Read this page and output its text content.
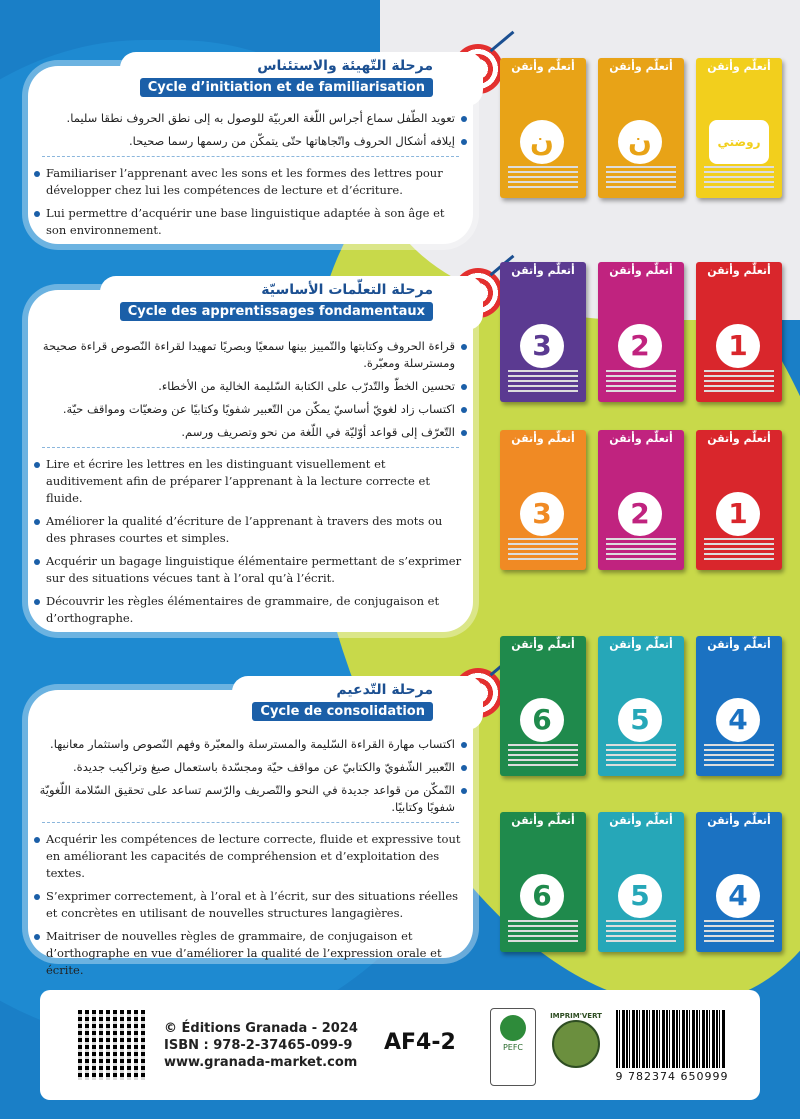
مرحلة التّهيئة والاستئناس
Cycle d’initiation et de familiarisation
تعويد الطّفل سماع أجراس اللّغة العربيّة للوصول به إلى نطق الحروف نطقا سليما.
إيلافه أشكال الحروف واتّجاهاتها حتّى يتمكّن من رسمها رسما صحيحا.
Familiariser l’apprenant avec les sons et les formes des lettres pour développer chez lui les compétences de lecture et d’écriture.
Lui permettre d’acquérir une base linguistique adaptée à son âge et son environnement.
مرحلة التعلّمات الأساسيّة
Cycle des apprentissages fondamentaux
قراءة الحروف وكتابتها والتّمييز بينها سمعيًا وبصريًا تمهيدا لقراءة النّصوص قراءة صحيحة ومسترسلة ومعبّرة.
تحسين الخطّ والتّدرّب على الكتابة السّليمة الخالية من الأخطاء.
اكتساب زاد لغويّ أساسيّ يمكّن من التّعبير شفويًا وكتابيًا عن وضعيّات ومواقف حيّة.
التّعرّف إلى قواعد أوّليّة في اللّغة من نحو وتصريف ورسم.
Lire et écrire les lettres en les distinguant visuellement et auditivement afin de préparer l’apprenant à la lecture correcte et fluide.
Améliorer la qualité d’écriture de l’apprenant à travers des mots ou des phrases courtes et simples.
Acquérir un bagage linguistique élémentaire permettant de s’exprimer sur des situations vécues tant à l’oral qu’à l’écrit.
Découvrir les règles élémentaires de grammaire, de conjugaison et d’orthographe.
مرحلة التّدعيم
Cycle de consolidation
اكتساب مهارة القراءة السّليمة والمسترسلة والمعبّرة وفهم النّصوص واستثمار معانيها.
التّعبير الشّفويّ والكتابيّ عن مواقف حيّة ومجسّدة باستعمال صيغ وتراكيب جديدة.
التّمكّن من قواعد جديدة في النحو والتّصريف والرّسم تساعد على تحقيق السّلامة اللّغويّة شفويًا وكتابيًا.
Acquérir les compétences de lecture correcte, fluide et expressive tout en améliorant les capacités de compréhension et d’exploitation des textes.
S’exprimer correctement, à l’oral et à l’écrit, sur des situations réelles et concrètes en utilisant de nouvelles structures langagières.
Maitriser de nouvelles règles de grammaire, de conjugaison et d’orthographe en vue d’améliorer la qualité de l’expression orale et écrite.
أتعلّم وأتقن
ن
أتعلّم وأتقن
ن
أتعلّم وأتقن
روضتي
أتعلّم وأتقن
3
أتعلّم وأتقن
2
أتعلّم وأتقن
1
أتعلّم وأتقن
3
أتعلّم وأتقن
2
أتعلّم وأتقن
1
أتعلّم وأتقن
6
أتعلّم وأتقن
5
أتعلّم وأتقن
4
أتعلّم وأتقن
6
أتعلّم وأتقن
5
أتعلّم وأتقن
4
© Éditions Granada - 2024
ISBN : 978-2-37465-099-9
www.granada-market.com
AF4-2	PEFC
IMPRIM'VERT
9 782374 650999
